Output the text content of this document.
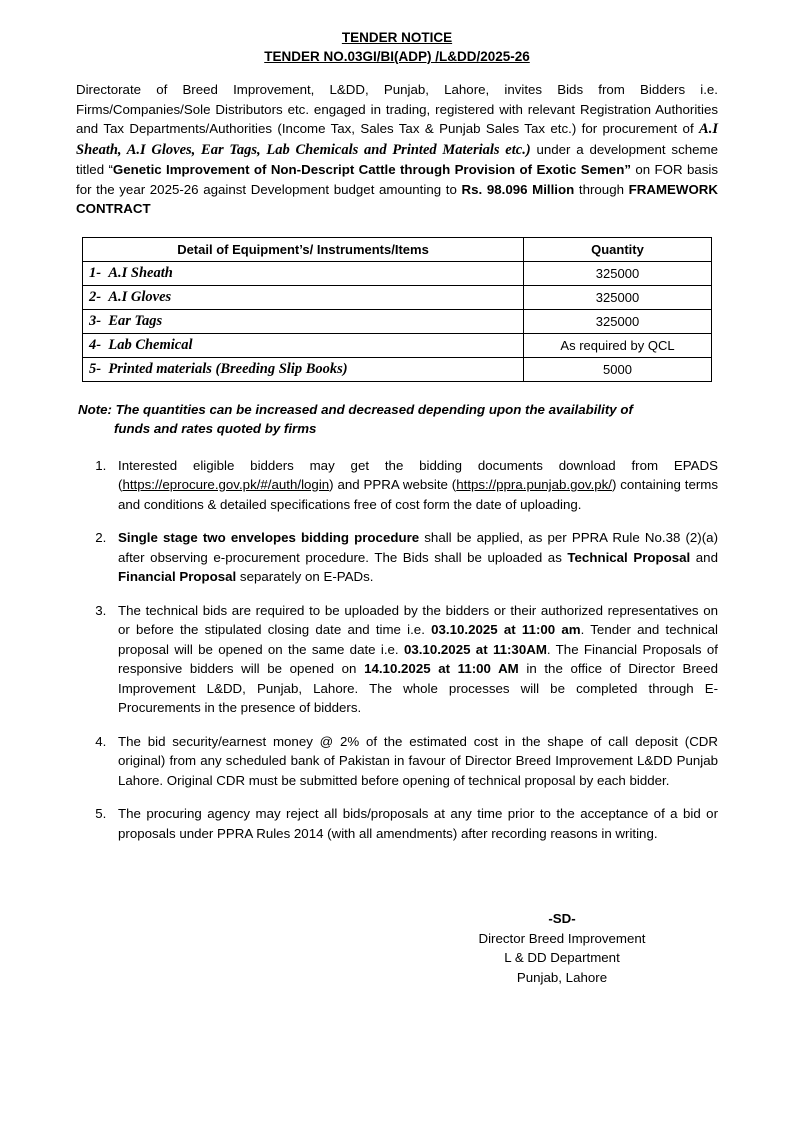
TENDER NOTICE
TENDER NO.03GI/BI(ADP) /L&DD/2025-26
Directorate of Breed Improvement, L&DD, Punjab, Lahore, invites Bids from Bidders i.e. Firms/Companies/Sole Distributors etc. engaged in trading, registered with relevant Registration Authorities and Tax Departments/Authorities (Income Tax, Sales Tax & Punjab Sales Tax etc.) for procurement of A.I Sheath, A.I Gloves, Ear Tags, Lab Chemicals and Printed Materials etc.) under a development scheme titled “Genetic Improvement of Non-Descript Cattle through Provision of Exotic Semen” on FOR basis for the year 2025-26 against Development budget amounting to Rs. 98.096 Million through FRAMEWORK CONTRACT
Detail of Equipment’s/ Instruments/Items	Quantity
1- A.I Sheath	325000
2- A.I Gloves	325000
3- Ear Tags	325000
4- Lab Chemical	As required by QCL
5- Printed materials (Breeding Slip Books)	5000
Note: The quantities can be increased and decreased depending upon the availability of
funds and rates quoted by firms
1. Interested eligible bidders may get the bidding documents download from EPADS (https://eprocure.gov.pk/#/auth/login) and PPRA website (https://ppra.punjab.gov.pk/) containing terms and conditions & detailed specifications free of cost form the date of uploading.
2. Single stage two envelopes bidding procedure shall be applied, as per PPRA Rule No.38 (2)(a) after observing e-procurement procedure. The Bids shall be uploaded as Technical Proposal and Financial Proposal separately on E-PADs.
3. The technical bids are required to be uploaded by the bidders or their authorized representatives on or before the stipulated closing date and time i.e. 03.10.2025 at 11:00 am. Tender and technical proposal will be opened on the same date i.e. 03.10.2025 at 11:30AM. The Financial Proposals of responsive bidders will be opened on 14.10.2025 at 11:00 AM in the office of Director Breed Improvement L&DD, Punjab, Lahore. The whole processes will be completed through E-Procurements in the presence of bidders.
4. The bid security/earnest money @ 2% of the estimated cost in the shape of call deposit (CDR original) from any scheduled bank of Pakistan in favour of Director Breed Improvement L&DD Punjab Lahore. Original CDR must be submitted before opening of technical proposal by each bidder.
5. The procuring agency may reject all bids/proposals at any time prior to the acceptance of a bid or proposals under PPRA Rules 2014 (with all amendments) after recording reasons in writing.
-SD-
Director Breed Improvement
L & DD Department
Punjab, Lahore
